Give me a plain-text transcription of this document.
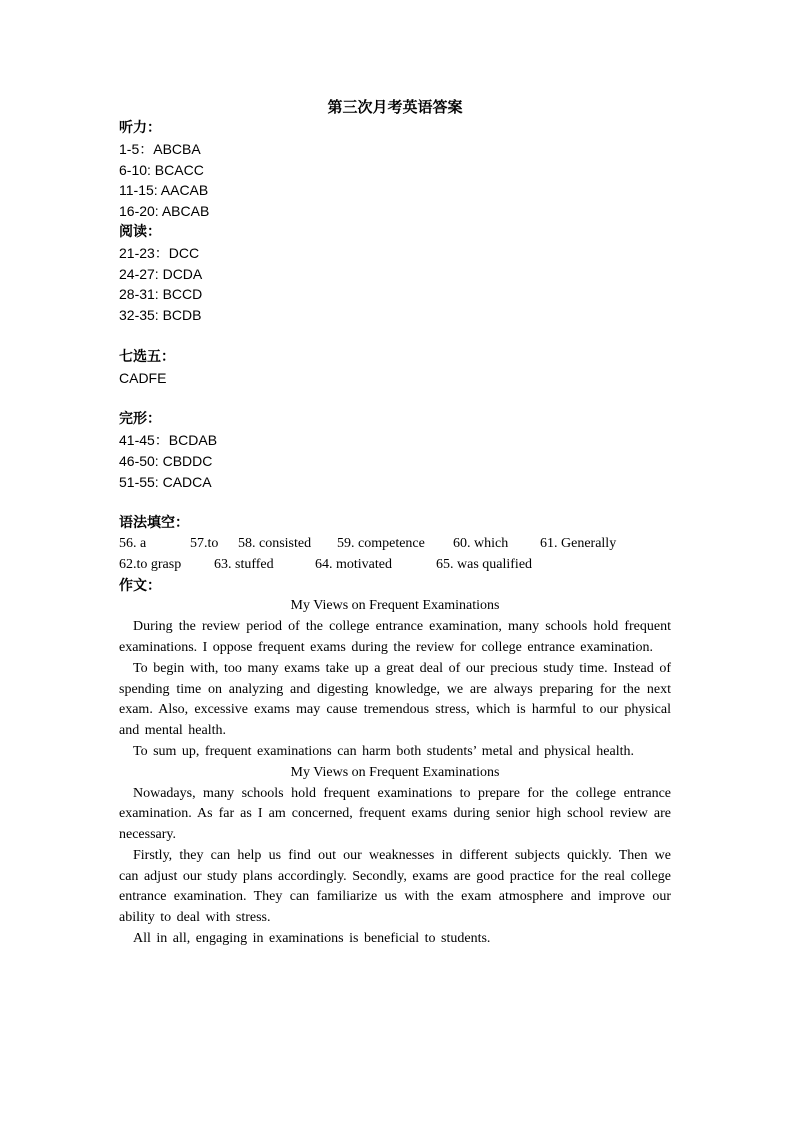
第三次月考英语答案
听力：
1-5：ABCBA
6-10: BCACC
11-15: AACAB
16-20: ABCAB
阅读：
21-23：DCC
24-27: DCDA
28-31: BCCD
32-35: BCDB
七选五：
CADFE
完形：
41-45：BCDAB
46-50: CBDDC
51-55: CADCA
语法填空：
56. a	57.to 58. consisted 59. competence 60. which 61. Generally
62.to grasp 63. stuffed	64. motivated	65. was qualified
作文：
My Views on Frequent Examinations
During the review period of the college entrance examination, many schools hold frequent examinations. I oppose frequent exams during the review for college entrance examination.
To begin with, too many exams take up a great deal of our precious study time. Instead of spending time on analyzing and digesting knowledge, we are always preparing for the next exam. Also, excessive exams may cause tremendous stress, which is harmful to our physical and mental health.
To sum up, frequent examinations can harm both students’ metal and physical health.
My Views on Frequent Examinations
Nowadays, many schools hold frequent examinations to prepare for the college entrance examination. As far as I am concerned, frequent exams during senior high school review are necessary.
Firstly, they can help us find out our weaknesses in different subjects quickly. Then we can adjust our study plans accordingly. Secondly, exams are good practice for the real college entrance examination. They can familiarize us with the exam atmosphere and improve our ability to deal with stress.
All in all, engaging in examinations is beneficial to students.
